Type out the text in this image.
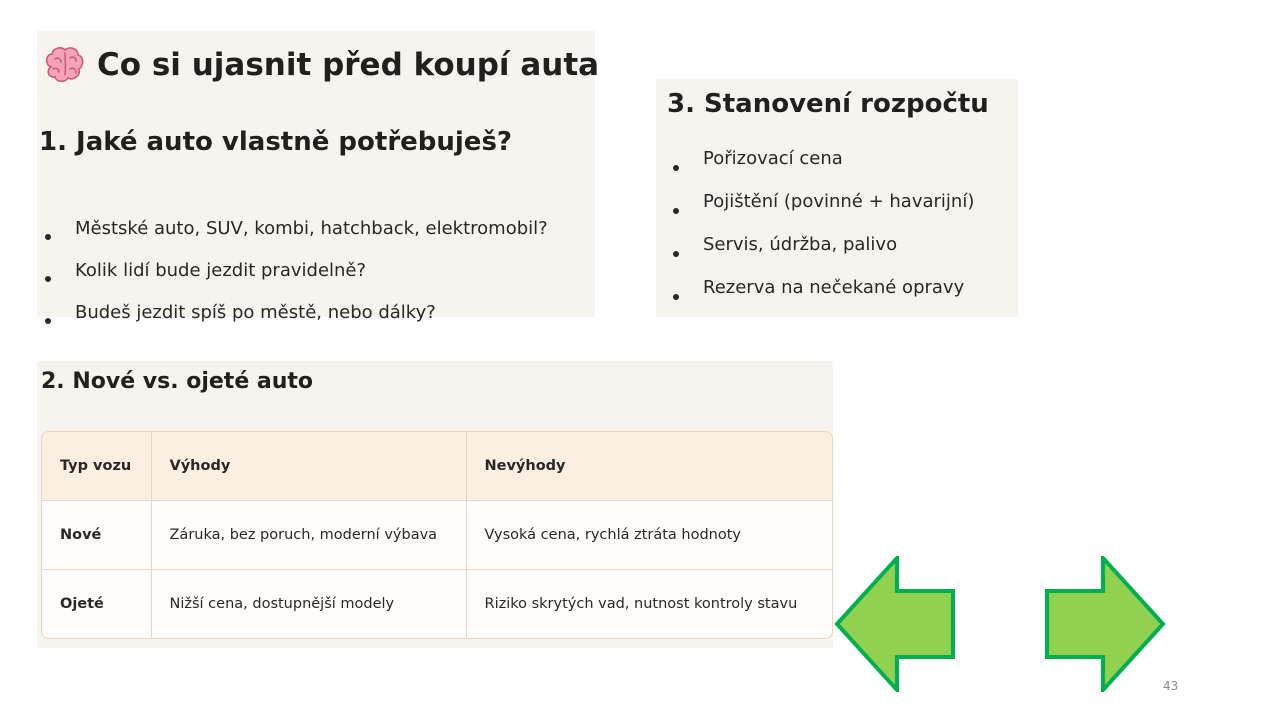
Co si ujasnit před koupí auta
1. Jaké auto vlastně potřebuješ?
Městské auto, SUV, kombi, hatchback, elektromobil?
Kolik lidí bude jezdit pravidelně?
Budeš jezdit spíš po městě, nebo dálky?
3. Stanovení rozpočtu
Pořizovací cena
Pojištění (povinné + havarijní)
Servis, údržba, palivo
Rezerva na nečekané opravy
2. Nové vs. ojeté auto
Typ vozu	Výhody	Nevýhody
Nové	Záruka, bez poruch, moderní výbava	Vysoká cena, rychlá ztráta hodnoty
Ojeté	Nižší cena, dostupnější modely	Riziko skrytých vad, nutnost kontroly stavu
43
